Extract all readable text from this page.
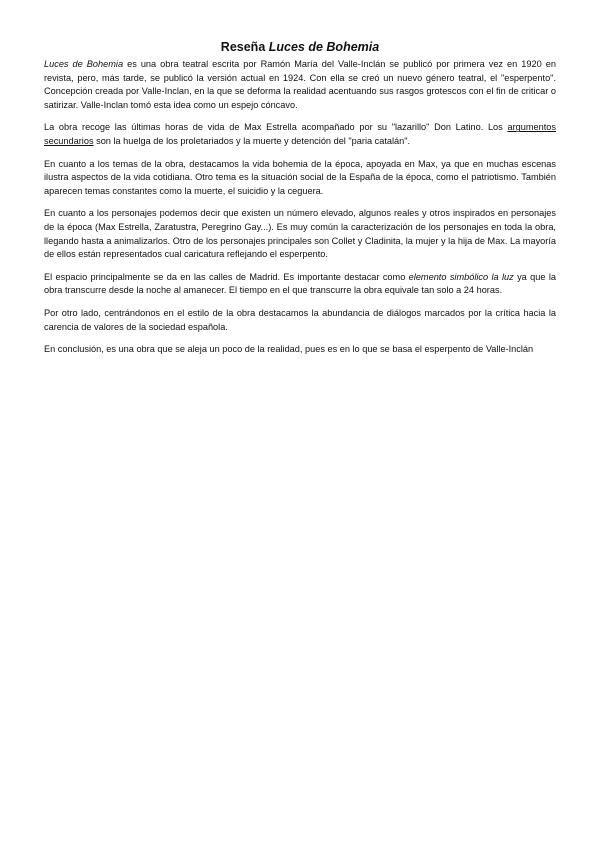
Reseña Luces de Bohemia

Luces de Bohemia es una obra teatral escrita por Ramón María del Valle-Inclán se publicó por primera vez en 1920 en revista, pero, más tarde, se publicó la versión actual en 1924. Con ella se creó un nuevo género teatral, el "esperpento". Concepción creada por Valle-Inclan, en la que se deforma la realidad acentuando sus rasgos grotescos con el fin de criticar o satirizar. Valle-Inclan tomó esta idea como un espejo cóncavo.

La obra recoge las últimas horas de vida de Max Estrella acompañado por su "lazarillo" Don Latino. Los argumentos secundarios son la huelga de los proletariados y la muerte y detención del "paria catalán".

En cuanto a los temas de la obra, destacamos la vida bohemia de la época, apoyada en Max, ya que en muchas escenas ilustra aspectos de la vida cotidiana. Otro tema es la situación social de la España de la época, como el patriotismo. También aparecen temas constantes como la muerte, el suicidio y la ceguera.

En cuanto a los personajes podemos decir que existen un número elevado, algunos reales y otros inspirados en personajes de la época (Max Estrella, Zaratustra, Peregrino Gay...). Es muy común la caracterización de los personajes en toda la obra, llegando hasta a animalizarlos. Otro de los personajes principales son Collet y Cladinita, la mujer y la hija de Max. La mayoría de ellos están representados cual caricatura reflejando el esperpento.

El espacio principalmente se da en las calles de Madrid. Es importante destacar como elemento simbólico la luz ya que la obra transcurre desde la noche al amanecer. El tiempo en el que transcurre la obra equivale tan solo a 24 horas.

Por otro lado, centrándonos en el estilo de la obra destacamos la abundancia de diálogos marcados por la crítica hacia la carencia de valores de la sociedad española.

En conclusión, es una obra que se aleja un poco de la realidad, pues es en lo que se basa el esperpento de Valle-Inclán
